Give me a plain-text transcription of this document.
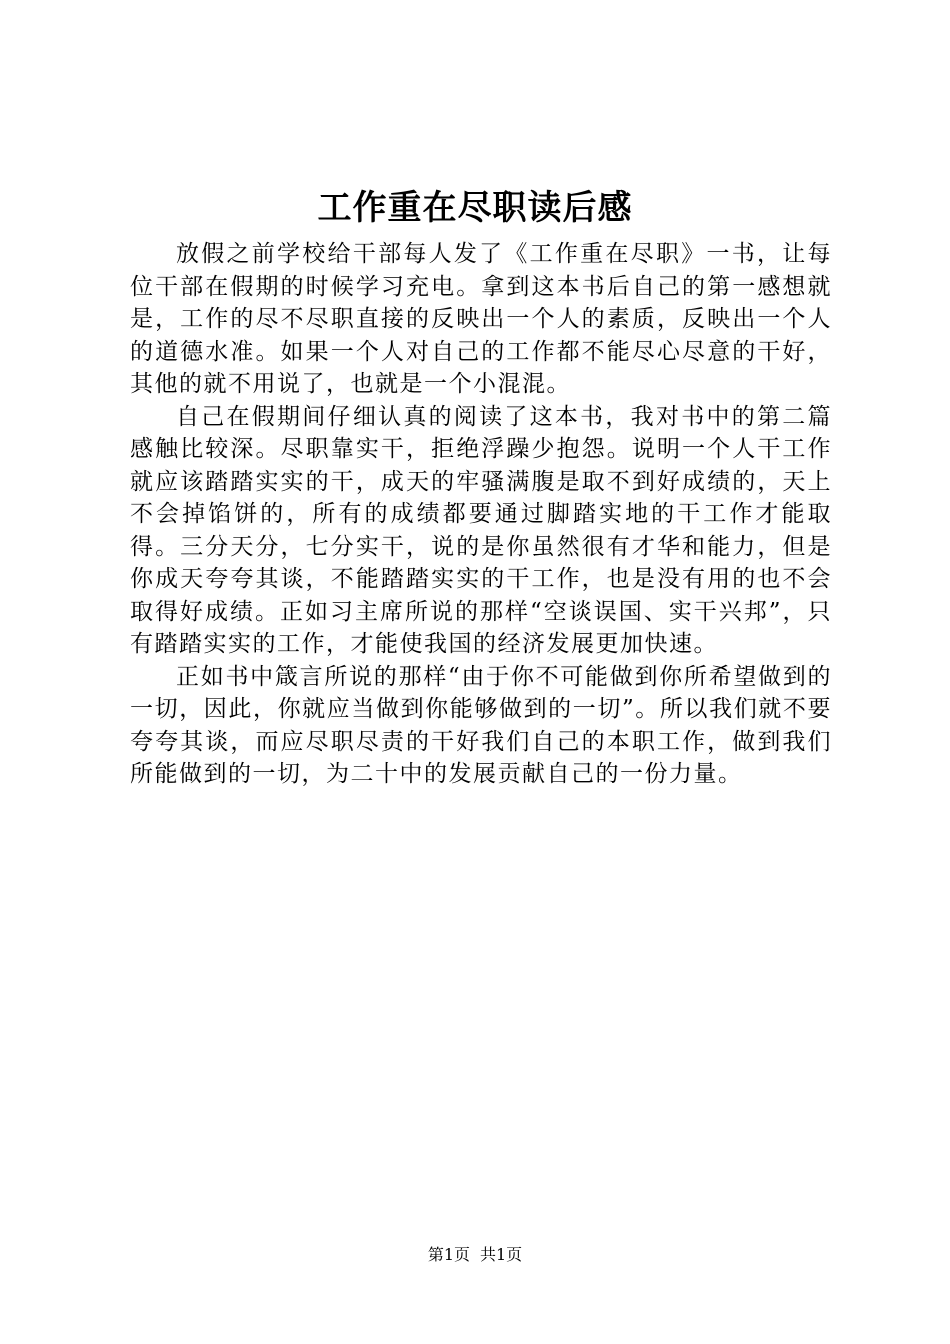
工作重在尽职读后感

放假之前学校给干部每人发了《工作重在尽职》一书，让每位干部在假期的时候学习充电。拿到这本书后自己的第一感想就是，工作的尽不尽职直接的反映出一个人的素质，反映出一个人的道德水准。如果一个人对自己的工作都不能尽心尽意的干好，其他的就不用说了，也就是一个小混混。

自己在假期间仔细认真的阅读了这本书，我对书中的第二篇感触比较深。尽职靠实干，拒绝浮躁少抱怨。说明一个人干工作就应该踏踏实实的干，成天的牢骚满腹是取不到好成绩的，天上不会掉馅饼的，所有的成绩都要通过脚踏实地的干工作才能取得。三分天分，七分实干，说的是你虽然很有才华和能力，但是你成天夸夸其谈，不能踏踏实实的干工作，也是没有用的也不会取得好成绩。正如习主席所说的那样“空谈误国、实干兴邦”，只有踏踏实实的工作，才能使我国的经济发展更加快速。

正如书中箴言所说的那样“由于你不可能做到你所希望做到的一切，因此，你就应当做到你能够做到的一切”。所以我们就不要夸夸其谈，而应尽职尽责的干好我们自己的本职工作，做到我们所能做到的一切，为二十中的发展贡献自己的一份力量。

第1页 共1页
